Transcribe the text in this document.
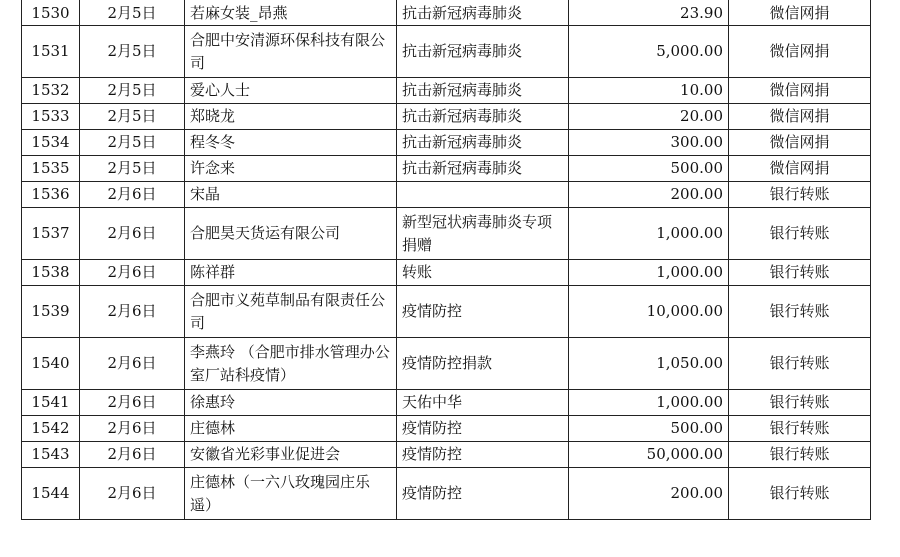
1530	2月5日	若麻女装_昂燕	抗击新冠病毒肺炎	23.90	微信网捐
1531	2月5日	合肥中安清源环保科技有限公司	抗击新冠病毒肺炎	5,000.00	微信网捐
1532	2月5日	爱心人士	抗击新冠病毒肺炎	10.00	微信网捐
1533	2月5日	郑晓龙	抗击新冠病毒肺炎	20.00	微信网捐
1534	2月5日	程冬冬	抗击新冠病毒肺炎	300.00	微信网捐
1535	2月5日	许念来	抗击新冠病毒肺炎	500.00	微信网捐
1536	2月6日	宋晶		200.00	银行转账
1537	2月6日	合肥昊天货运有限公司	新型冠状病毒肺炎专项捐赠	1,000.00	银行转账
1538	2月6日	陈祥群	转账	1,000.00	银行转账
1539	2月6日	合肥市义苑草制品有限责任公司	疫情防控	10,000.00	银行转账
1540	2月6日	李燕玲 （合肥市排水管理办公室厂站科疫情）	疫情防控捐款	1,050.00	银行转账
1541	2月6日	徐惠玲	天佑中华	1,000.00	银行转账
1542	2月6日	庄德林	疫情防控	500.00	银行转账
1543	2月6日	安徽省光彩事业促进会	疫情防控	50,000.00	银行转账
1544	2月6日	庄德林（一六八玫瑰园庄乐遥）	疫情防控	200.00	银行转账
